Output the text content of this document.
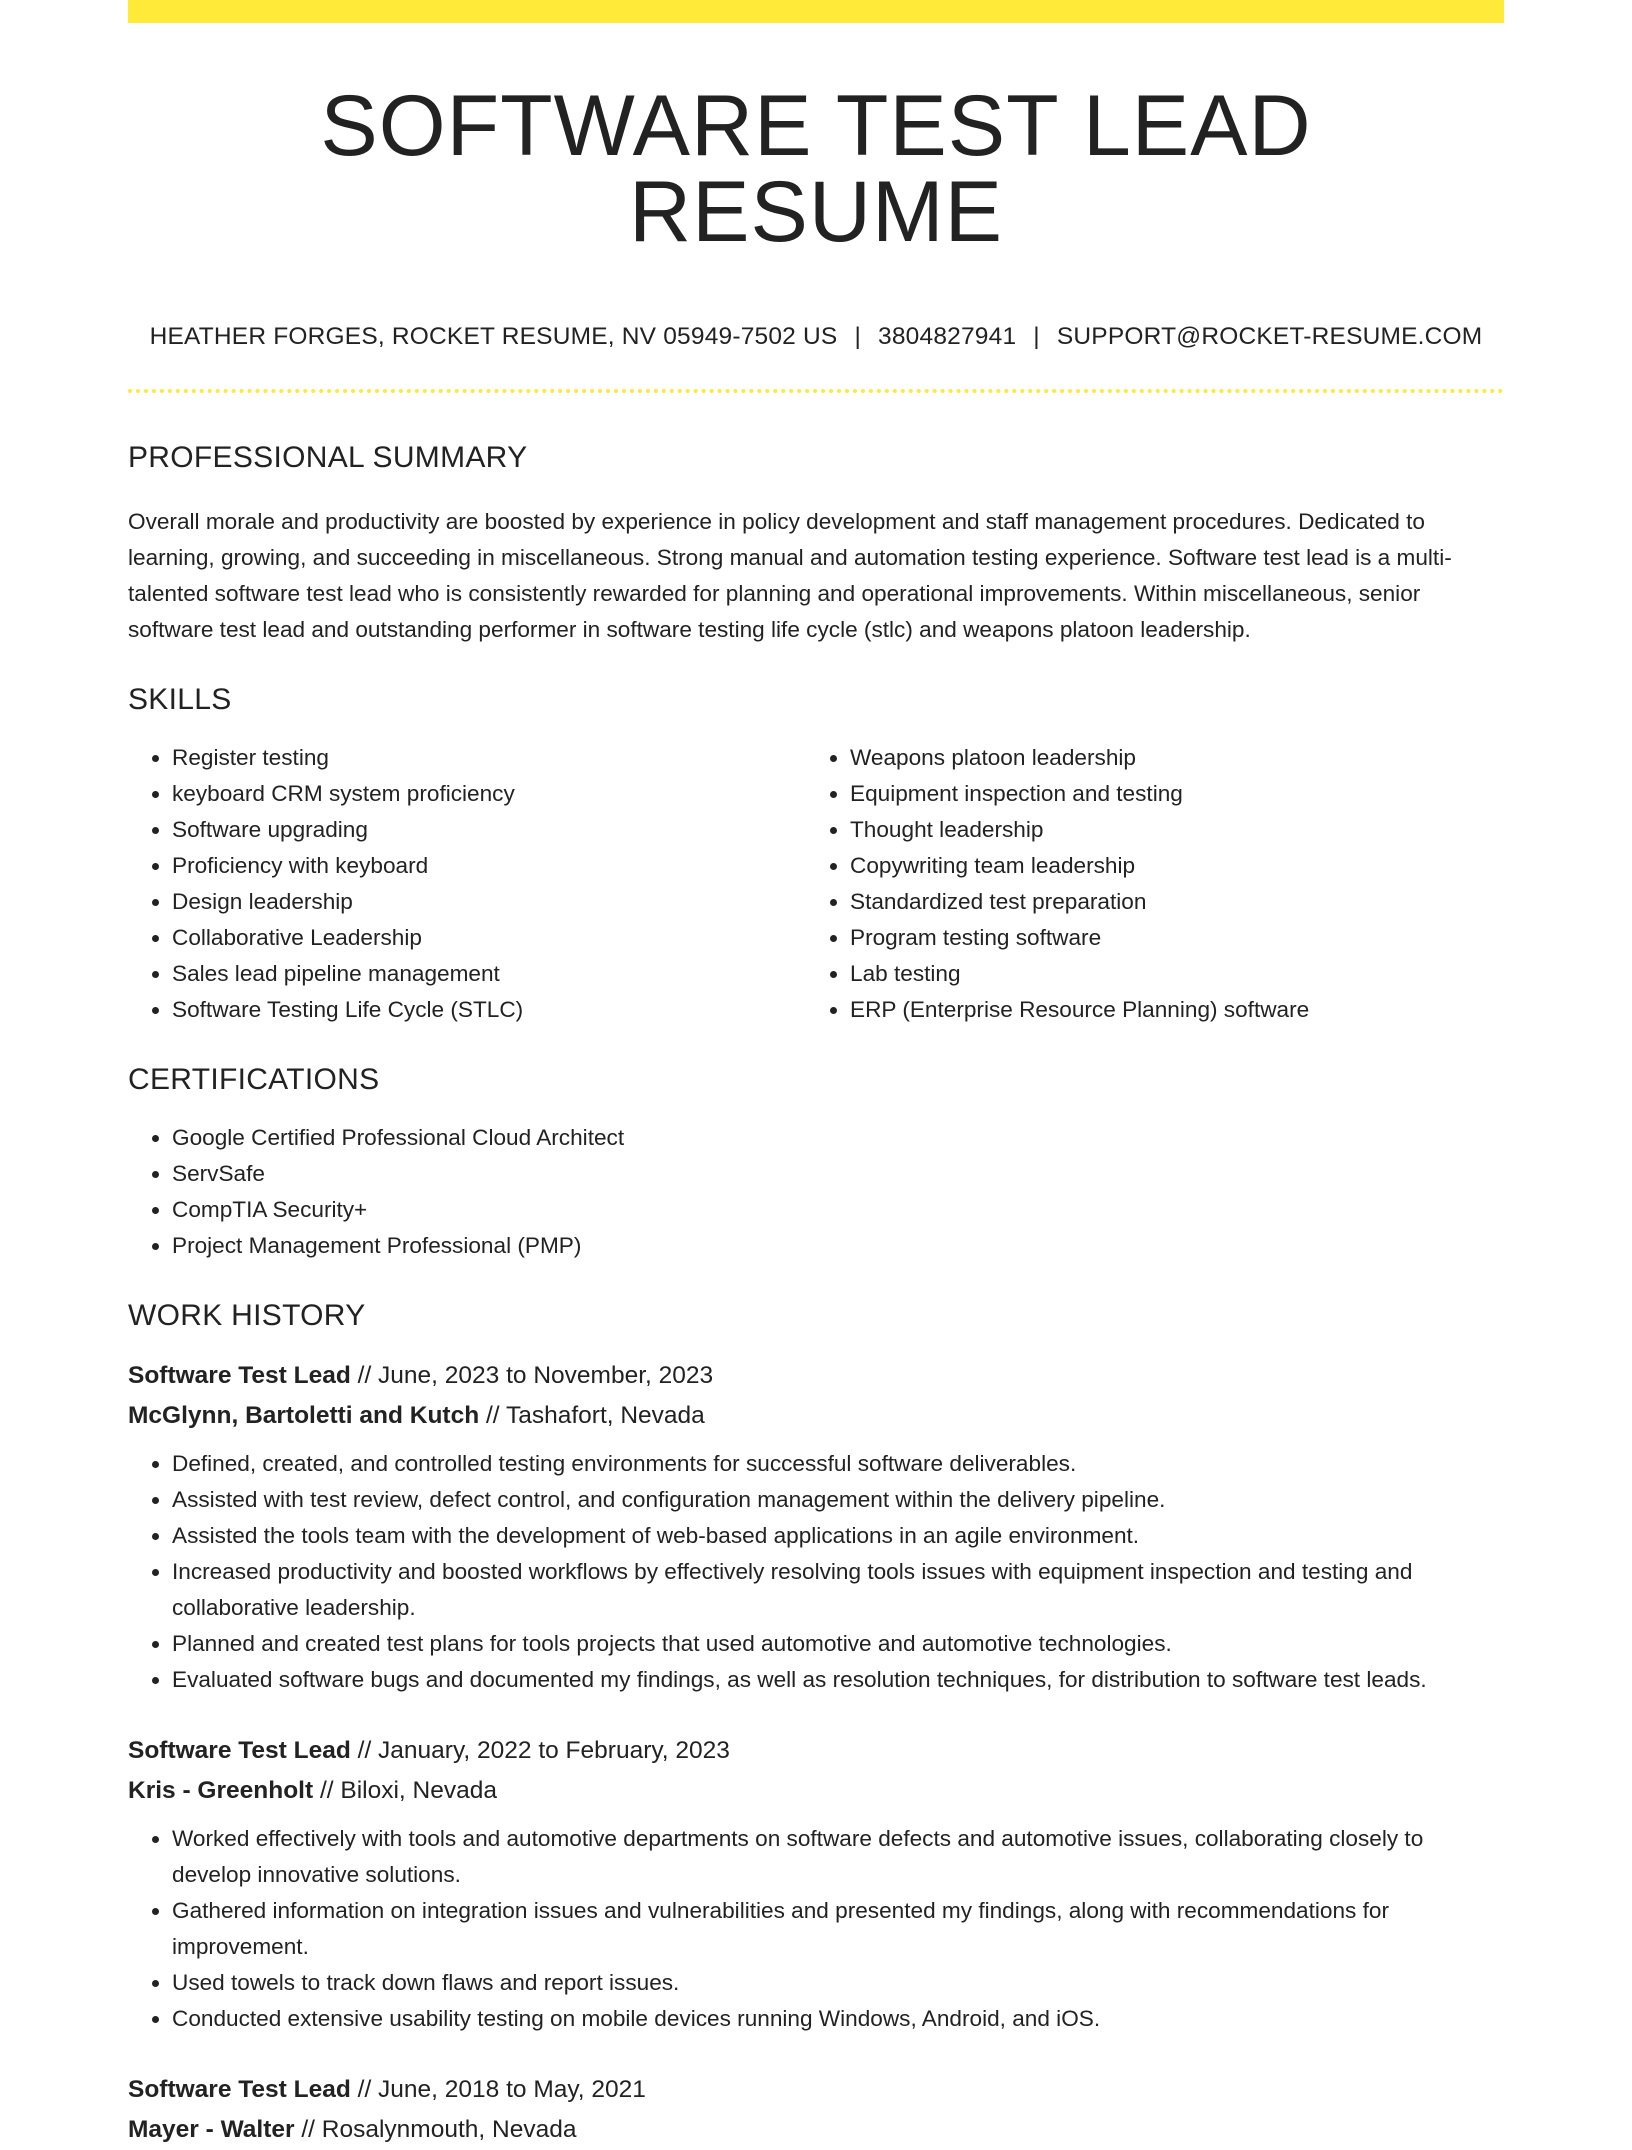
SOFTWARE TEST LEAD RESUME
HEATHER FORGES, ROCKET RESUME, NV 05949-7502 US | 3804827941 | SUPPORT@ROCKET-RESUME.COM
PROFESSIONAL SUMMARY

Overall morale and productivity are boosted by experience in policy development and staff management procedures. Dedicated to learning, growing, and succeeding in miscellaneous. Strong manual and automation testing experience. Software test lead is a multi-talented software test lead who is consistently rewarded for planning and operational improvements. Within miscellaneous, senior software test lead and outstanding performer in software testing life cycle (stlc) and weapons platoon leadership.

SKILLS
• Register testing
• keyboard CRM system proficiency
• Software upgrading
• Proficiency with keyboard
• Design leadership
• Collaborative Leadership
• Sales lead pipeline management
• Software Testing Life Cycle (STLC)
• Weapons platoon leadership
• Equipment inspection and testing
• Thought leadership
• Copywriting team leadership
• Standardized test preparation
• Program testing software
• Lab testing
• ERP (Enterprise Resource Planning) software
CERTIFICATIONS
• Google Certified Professional Cloud Architect
• ServSafe
• CompTIA Security+
• Project Management Professional (PMP)
WORK HISTORY
Software Test Lead // June, 2023 to November, 2023
McGlynn, Bartoletti and Kutch // Tashafort, Nevada
• Defined, created, and controlled testing environments for successful software deliverables.
• Assisted with test review, defect control, and configuration management within the delivery pipeline.
• Assisted the tools team with the development of web-based applications in an agile environment.
• Increased productivity and boosted workflows by effectively resolving tools issues with equipment inspection and testing and collaborative leadership.
• Planned and created test plans for tools projects that used automotive and automotive technologies.
• Evaluated software bugs and documented my findings, as well as resolution techniques, for distribution to software test leads.
Software Test Lead // January, 2022 to February, 2023
Kris - Greenholt // Biloxi, Nevada
• Worked effectively with tools and automotive departments on software defects and automotive issues, collaborating closely to develop innovative solutions.
• Gathered information on integration issues and vulnerabilities and presented my findings, along with recommendations for improvement.
• Used towels to track down flaws and report issues.
• Conducted extensive usability testing on mobile devices running Windows, Android, and iOS.
Software Test Lead // June, 2018 to May, 2021
Mayer - Walter // Rosalynmouth, Nevada
